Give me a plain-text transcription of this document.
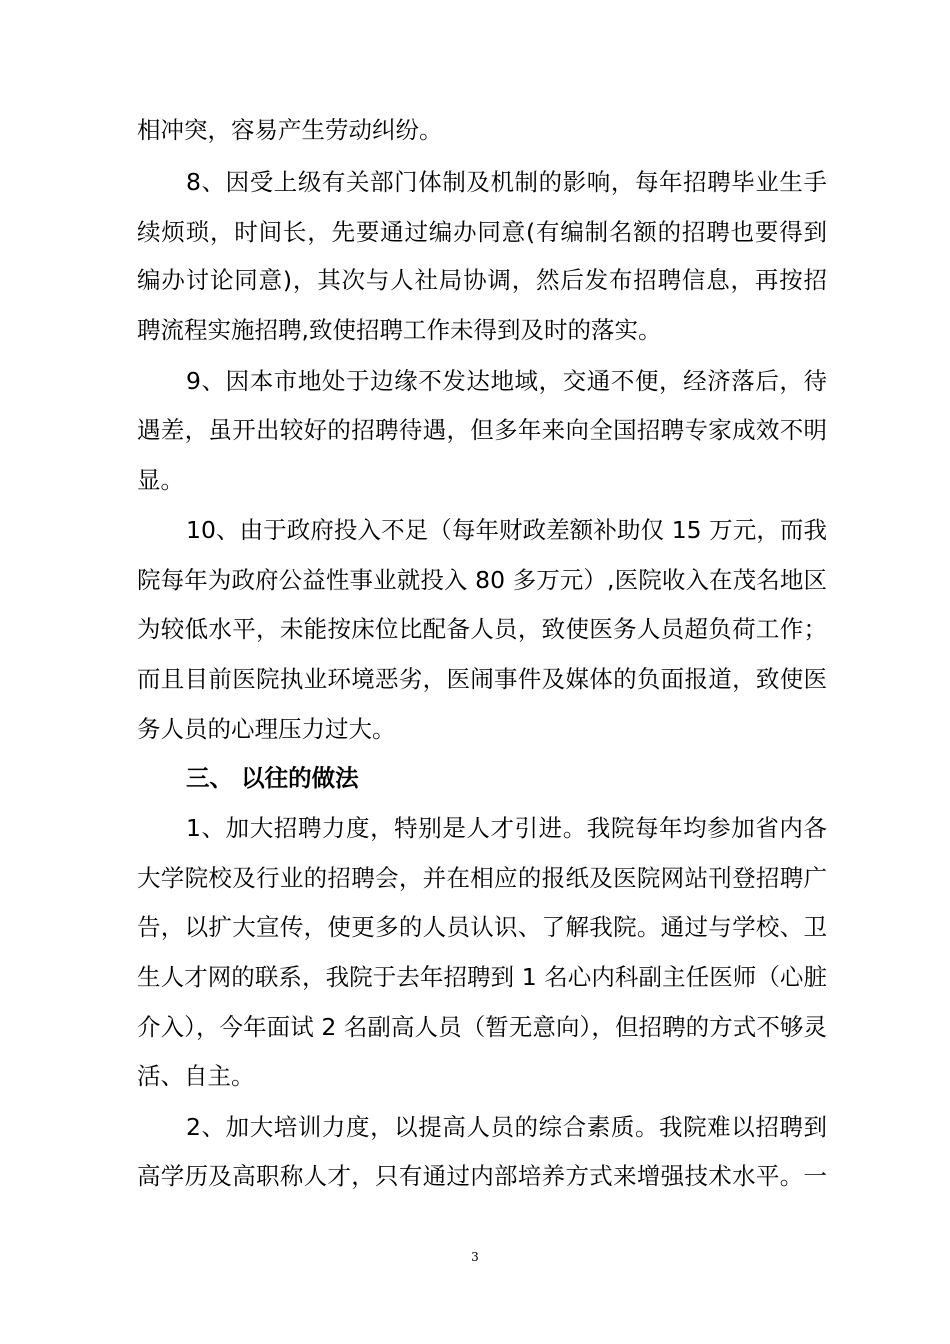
相冲突，容易产生劳动纠纷。

8、因受上级有关部门体制及机制的影响，每年招聘毕业生手

续烦琐，时间长，先要通过编办同意(有编制名额的招聘也要得到

编办讨论同意)，其次与人社局协调，然后发布招聘信息，再按招

聘流程实施招聘,致使招聘工作未得到及时的落实。

9、因本市地处于边缘不发达地域，交通不便，经济落后，待

遇差，虽开出较好的招聘待遇，但多年来向全国招聘专家成效不明

显。

10、由于政府投入不足（每年财政差额补助仅 15 万元，而我

院每年为政府公益性事业就投入 80 多万元）,医院收入在茂名地区

为较低水平，未能按床位比配备人员，致使医务人员超负荷工作；

而且目前医院执业环境恶劣，医闹事件及媒体的负面报道，致使医

务人员的心理压力过大。

三、 以往的做法

1、加大招聘力度，特别是人才引进。我院每年均参加省内各

大学院校及行业的招聘会，并在相应的报纸及医院网站刊登招聘广

告，以扩大宣传，使更多的人员认识、了解我院。通过与学校、卫

生人才网的联系，我院于去年招聘到 1 名心内科副主任医师（心脏

介入），今年面试 2 名副高人员（暂无意向），但招聘的方式不够灵

活、自主。

2、加大培训力度，以提高人员的综合素质。我院难以招聘到

高学历及高职称人才，只有通过内部培养方式来增强技术水平。一

3
